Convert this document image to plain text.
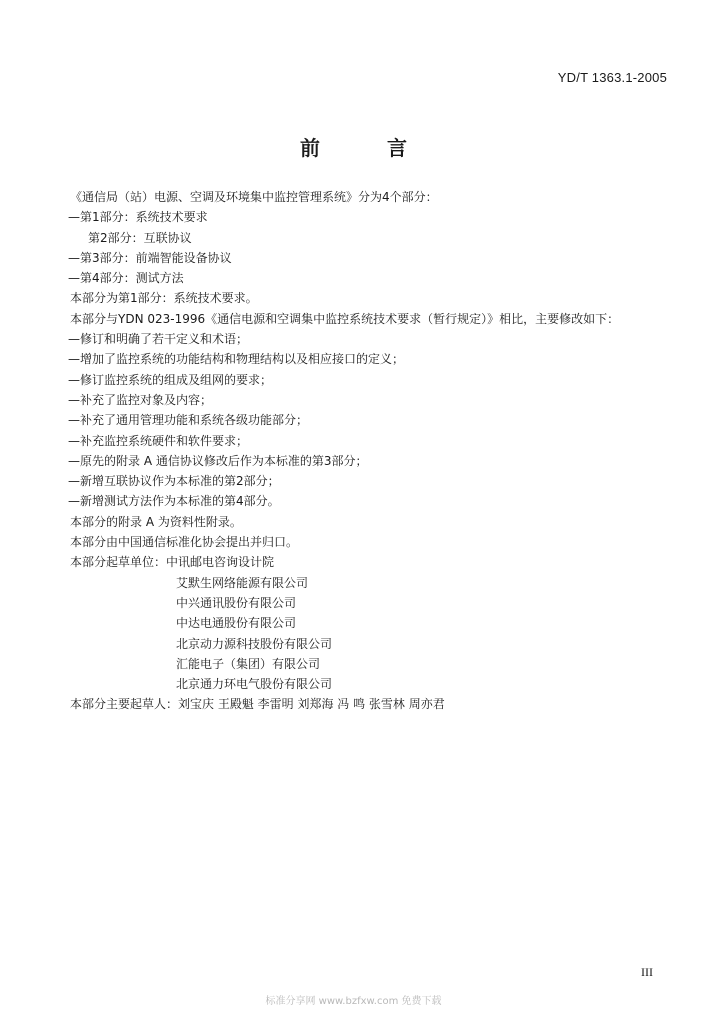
YD/T 1363.1-2005
前 言
《通信局（站）电源、空调及环境集中监控管理系统》分为4个部分：
—第1部分：系统技术要求
第2部分：互联协议
—第3部分：前端智能设备协议
—第4部分：测试方法
本部分为第1部分：系统技术要求。
本部分与YDN 023-1996《通信电源和空调集中监控系统技术要求（暂行规定）》相比，主要修改如下：
—修订和明确了若干定义和术语；
—增加了监控系统的功能结构和物理结构以及相应接口的定义；
—修订监控系统的组成及组网的要求；
—补充了监控对象及内容；
—补充了通用管理功能和系统各级功能部分；
—补充监控系统硬件和软件要求；
—原先的附录 A 通信协议修改后作为本标准的第3部分；
—新增互联协议作为本标准的第2部分；
—新增测试方法作为本标准的第4部分。
本部分的附录 A 为资料性附录。
本部分由中国通信标准化协会提出并归口。
本部分起草单位：中讯邮电咨询设计院
艾默生网络能源有限公司
中兴通讯股份有限公司
中达电通股份有限公司
北京动力源科技股份有限公司
汇能电子（集团）有限公司
北京通力环电气股份有限公司
本部分主要起草人：刘宝庆 王殿魁 李雷明 刘郑海 冯 鸣 张雪林 周亦君
III
标准分享网 www.bzfxw.com 免费下载
